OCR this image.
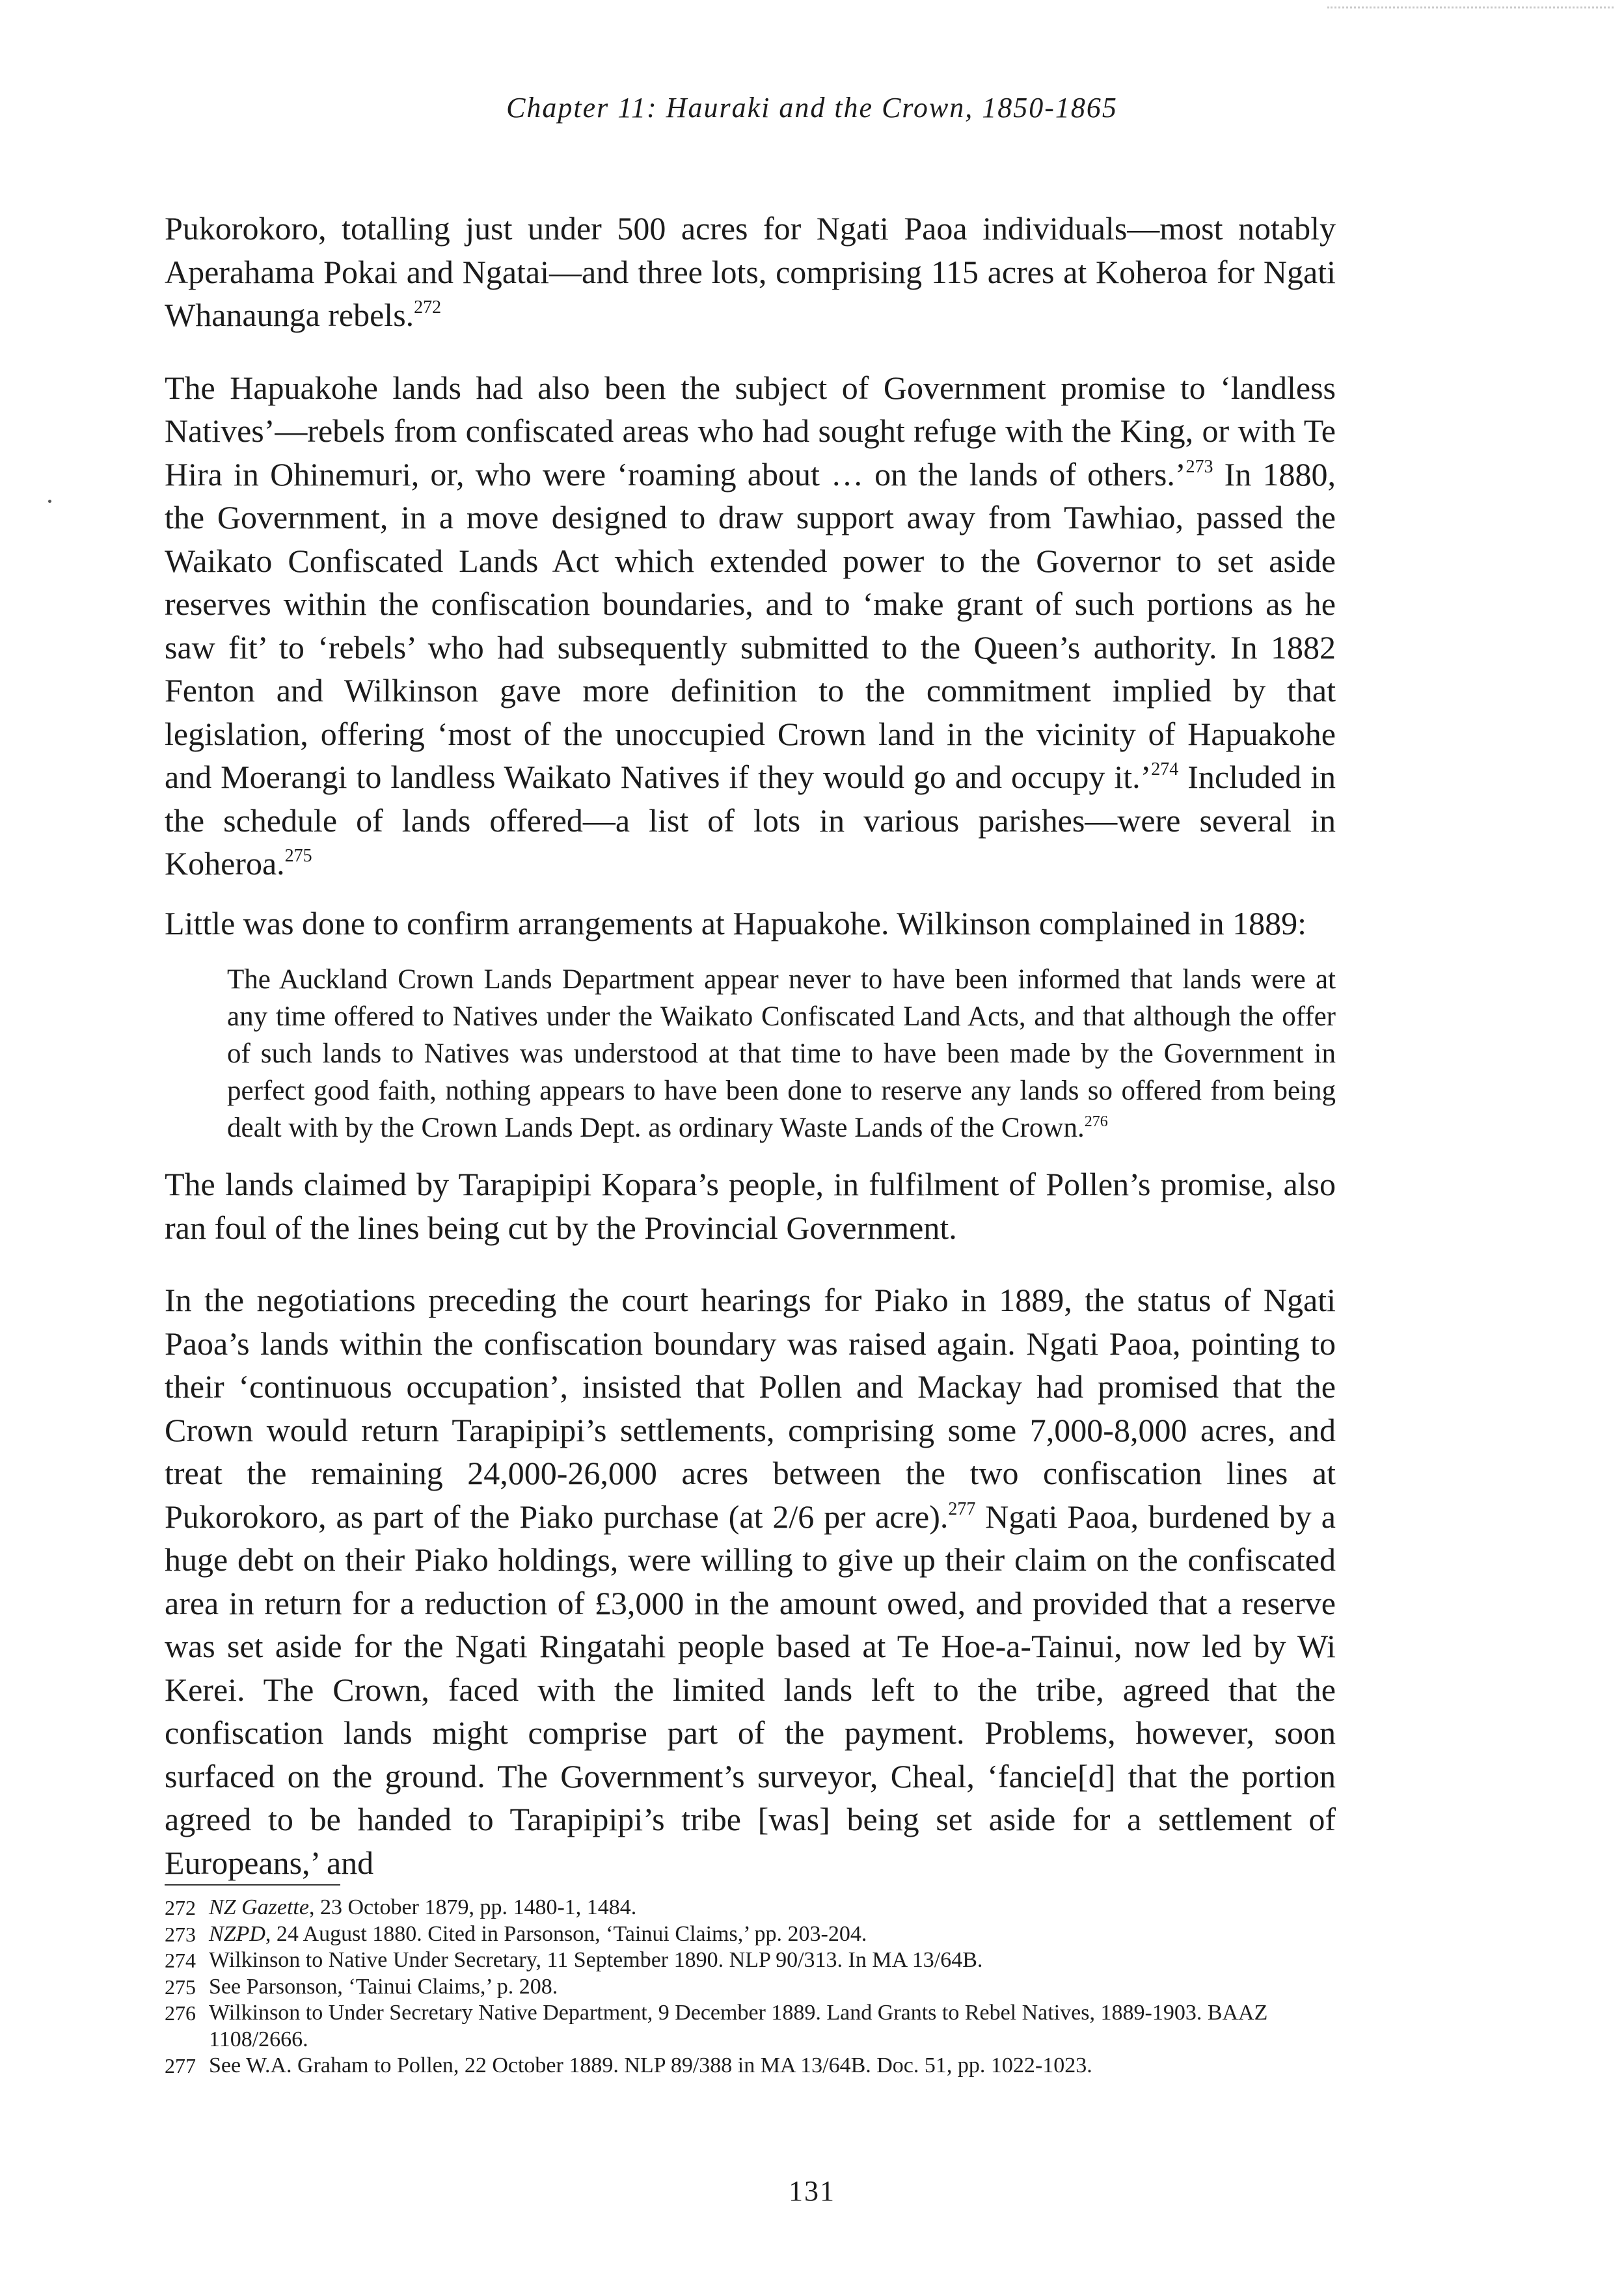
Chapter 11: Hauraki and the Crown, 1850-1865

Pukorokoro, totalling just under 500 acres for Ngati Paoa individuals—most notably Aperahama Pokai and Ngatai—and three lots, comprising 115 acres at Koheroa for Ngati Whanaunga rebels.$^{272}$

The Hapuakohe lands had also been the subject of Government promise to ‘landless Natives’—rebels from confiscated areas who had sought refuge with the King, or with Te Hira in Ohinemuri, or, who were ‘roaming about … on the lands of others.’$^{273}$ In 1880, the Government, in a move designed to draw support away from Tawhiao, passed the Waikato Confiscated Lands Act which extended power to the Governor to set aside reserves within the confiscation boundaries, and to ‘make grant of such portions as he saw fit’ to ‘rebels’ who had subsequently submitted to the Queen’s authority. In 1882 Fenton and Wilkinson gave more definition to the commitment implied by that legislation, offering ‘most of the unoccupied Crown land in the vicinity of Hapuakohe and Moerangi to landless Waikato Natives if they would go and occupy it.’$^{274}$ Included in the schedule of lands offered—a list of lots in various parishes—were several in Koheroa.$^{275}$

Little was done to confirm arrangements at Hapuakohe. Wilkinson complained in 1889:

The Auckland Crown Lands Department appear never to have been informed that lands were at any time offered to Natives under the Waikato Confiscated Land Acts, and that although the offer of such lands to Natives was understood at that time to have been made by the Government in perfect good faith, nothing appears to have been done to reserve any lands so offered from being dealt with by the Crown Lands Dept. as ordinary Waste Lands of the Crown.$^{276}$

The lands claimed by Tarapipipi Kopara’s people, in fulfilment of Pollen’s promise, also ran foul of the lines being cut by the Provincial Government.

In the negotiations preceding the court hearings for Piako in 1889, the status of Ngati Paoa’s lands within the confiscation boundary was raised again. Ngati Paoa, pointing to their ‘continuous occupation’, insisted that Pollen and Mackay had promised that the Crown would return Tarapipipi’s settlements, comprising some 7,000-8,000 acres, and treat the remaining 24,000-26,000 acres between the two confiscation lines at Pukorokoro, as part of the Piako purchase (at 2/6 per acre).$^{277}$ Ngati Paoa, burdened by a huge debt on their Piako holdings, were willing to give up their claim on the confiscated area in return for a reduction of £3,000 in the amount owed, and provided that a reserve was set aside for the Ngati Ringatahi people based at Te Hoe-a-Tainui, now led by Wi Kerei. The Crown, faced with the limited lands left to the tribe, agreed that the confiscation lands might comprise part of the payment. Problems, however, soon surfaced on the ground. The Government’s surveyor, Cheal, ‘fancie[d] that the portion agreed to be handed to Tarapipipi’s tribe [was] being set aside for a settlement of Europeans,’ and

272 NZ Gazette, 23 October 1879, pp. 1480-1, 1484.
273 NZPD, 24 August 1880. Cited in Parsonson, ‘Tainui Claims,’ pp. 203-204.
274 Wilkinson to Native Under Secretary, 11 September 1890. NLP 90/313. In MA 13/64B.
275 See Parsonson, ‘Tainui Claims,’ p. 208.
276 Wilkinson to Under Secretary Native Department, 9 December 1889. Land Grants to Rebel Natives, 1889-1903. BAAZ 1108/2666.
277 See W.A. Graham to Pollen, 22 October 1889. NLP 89/388 in MA 13/64B. Doc. 51, pp. 1022-1023.
131
